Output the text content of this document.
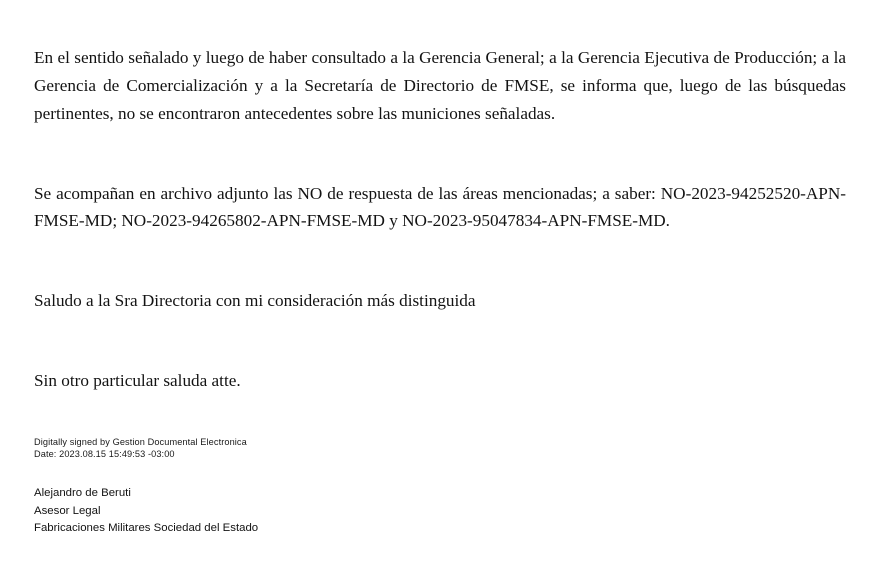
En el sentido señalado y luego de haber consultado a la Gerencia General; a la Gerencia Ejecutiva de Producción; a la Gerencia de Comercialización y a la Secretaría de Directorio de FMSE, se informa que, luego de las búsquedas pertinentes, no se encontraron antecedentes sobre las municiones señaladas.

Se acompañan en archivo adjunto las NO de respuesta de las áreas mencionadas; a saber: NO-2023-94252520-APN-FMSE-MD; NO-2023-94265802-APN-FMSE-MD y NO-2023-95047834-APN-FMSE-MD.

Saludo a la Sra Directoria con mi consideración más distinguida

Sin otro particular saluda atte.

Digitally signed by Gestion Documental Electronica
Date: 2023.08.15 15:49:53 -03:00
Alejandro de Beruti
Asesor Legal
Fabricaciones Militares Sociedad del Estado
